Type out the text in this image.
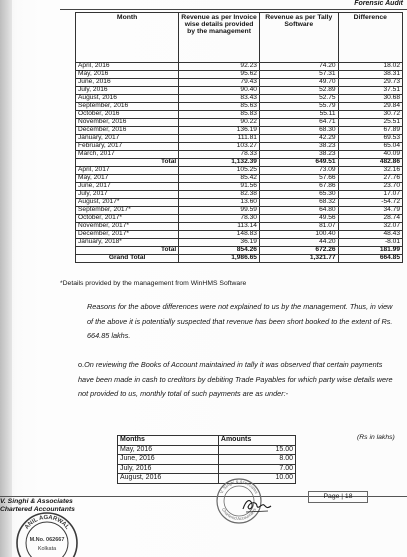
Forensic Audit
Month	Revenue as per Invoice wise details provided by the management	Revenue as per Tally Software	Difference
April, 2016	92.23	74.20	18.02
May, 2016	95.62	57.31	38.31
June, 2016	79.43	49.70	29.73
July, 2016	90.40	52.89	37.51
August, 2016	83.43	52.75	30.68
September, 2016	85.63	55.79	29.84
October, 2016	85.83	55.11	30.72
November, 2016	90.22	64.71	25.51
December, 2016	136.19	68.30	67.89
January, 2017	111.81	42.29	69.53
February, 2017	103.27	38.23	65.04
March, 2017	78.33	38.23	40.09
Total	1,132.39	649.51	482.86
April, 2017	105.25	73.09	32.16
May, 2017	85.42	57.66	27.76
June, 2017	91.56	67.86	23.70
July, 2017	82.38	65.30	17.07
August, 2017*	13.60	68.32	-54.72
September, 2017*	99.59	64.80	34.79
October, 2017*	78.30	49.56	28.74
November, 2017*	113.14	81.07	32.07
December, 2017*	148.83	100.40	48.43
January, 2018*	36.19	44.20	-8.01
Total	854.26	672.26	181.99
Grand Total	1,986.65	1,321.77	664.85
*Details provided by the management from WinHMS Software
Reasons for the above differences were not explained to us by the management. Thus, in view of the above it is potentially suspected that revenue has been short booked to the extent of Rs. 664.85 lakhs.
o.On reviewing the Books of Account maintained in tally it was observed that certain payments have been made in cash to creditors by debiting Trade Payables for which party wise details were not provided to us, monthly total of such payments are as under:-
(Rs in lakhs)
Months	Amounts
May, 2016	15.00
June, 2016	8.00
July, 2016	7.00
August, 2016	10.00
V. Singhi & Associates
Chartered Accountants
Page | 18
ANIL AGARWAL
M.No. 062667
Kolkata
V. Singhi & Associates
Chartered Accountants
